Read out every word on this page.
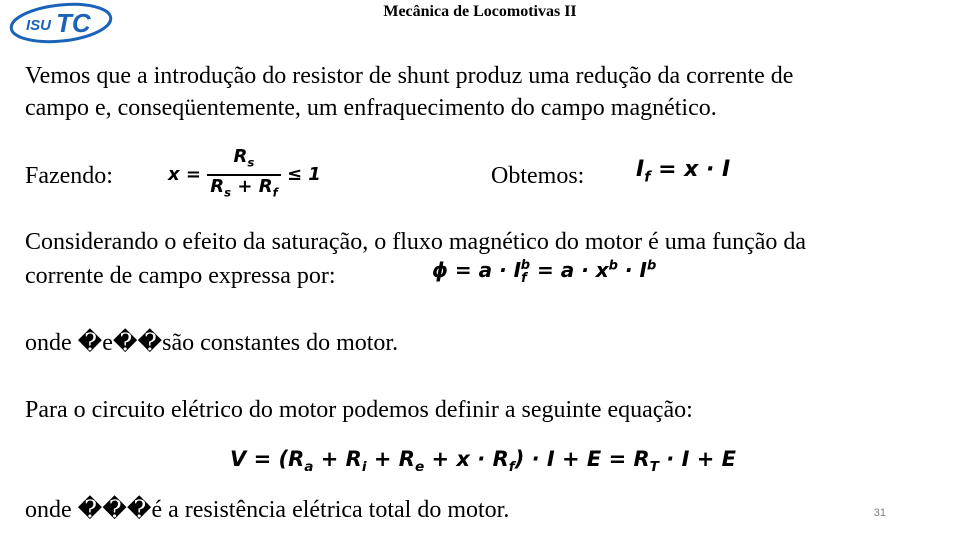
ISU TC	Mecânica de Locomotivas II
Vemos que a introdução do resistor de shunt produz uma redução da corrente de
campo e, conseqüentemente, um enfraquecimento do campo magnético.
Fazendo:	$x = \frac{R_s}{R_s + R_f} \le 1$	Obtemos: $I_f = x \cdot I$
Considerando o efeito da saturação, o fluxo magnético do motor é uma função da
corrente de campo expressa por:	$\phi = a \cdot I_f^b = a \cdot x^b \cdot I^b$
onde �e��são constantes do motor.
Para o circuito elétrico do motor podemos definir a seguinte equação:
$V = (R_a + R_i + R_e + x \cdot R_f) \cdot I + E = R_T \cdot I + E$
onde ���é a resistência elétrica total do motor.	31
